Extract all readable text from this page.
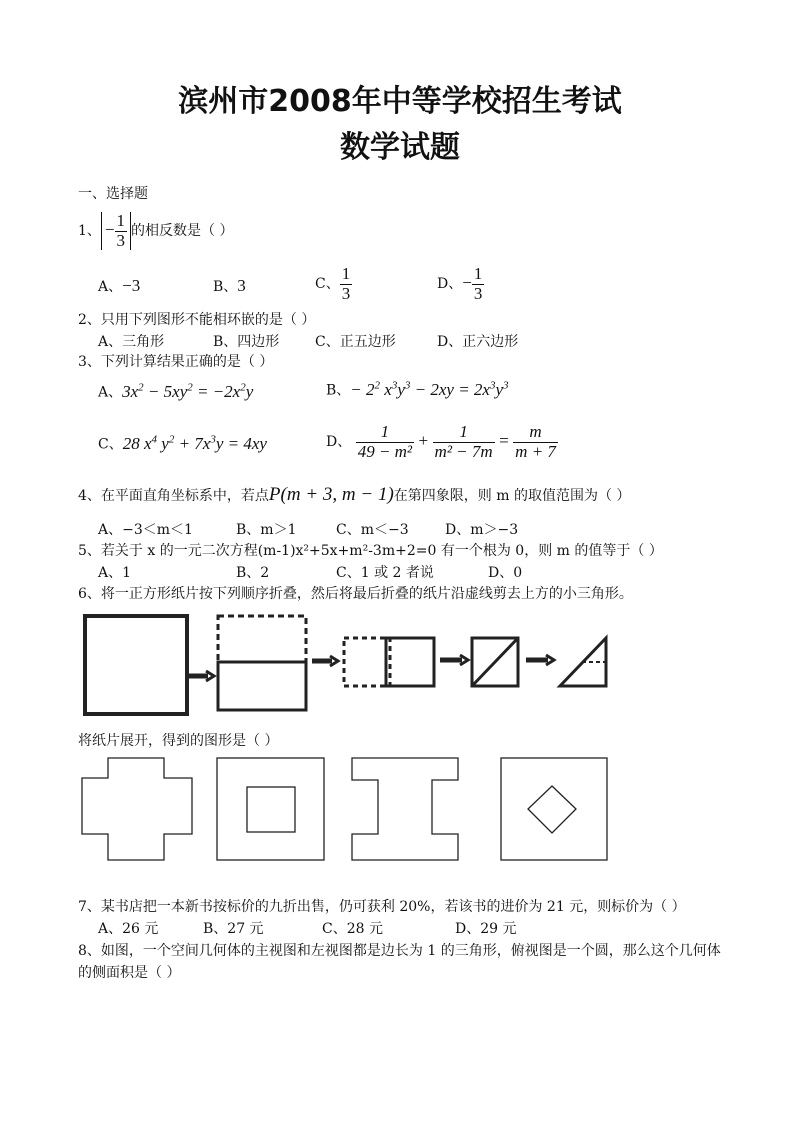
滨州市2008年中等学校招生考试
数学试题
一、选择题
1、 − $\frac{1}{3}$ 的相反数是（ ）
A、−3	B、3	C、 $\frac{1}{3}$	D、− $\frac{1}{3}$
2、只用下列图形不能相环嵌的是（ ）
A、三角形	B、四边形	C、正五边形	D、正六边形
3、下列计算结果正确的是（ ）
A、$3x^2 - 5xy^2 = -2x^2y$	B、− $2^2$ $x^3y^3 - 2xy = 2x^3y^3$
C、28 $x^4$ $y^2 + 7x^3y = 4xy$	D、 $\frac{1}{\text{49 − m²}} + \frac{1}{\text{m² − 7m}} = \frac{m}{m + 7}$
4、在平面直角坐标系中，若点P(m + 3, m − 1)在第四象限，则 m 的取值范围为（ ）
A、−3＜m＜1	B、m＞1	C、m＜−3	D、m＞−3
5、若关于 x 的一元二次方程(m-1)x²+5x+m²-3m+2=0 有一个根为 0，则 m 的值等于（ ）
A、1	B、2	C、1 或 2 者说	D、0
6、将一正方形纸片按下列顺序折叠，然后将最后折叠的纸片沿虚线剪去上方的小三角形。
将纸片展开，得到的图形是（ ）
7、某书店把一本新书按标价的九折出售，仍可获利 20%，若该书的进价为 21 元，则标价为（ ）
A、26 元	B、27 元	C、28 元	D、29 元
8、如图，一个空间几何体的主视图和左视图都是边长为 1 的三角形，俯视图是一个圆，那么这个几何体
的侧面积是（ ）
